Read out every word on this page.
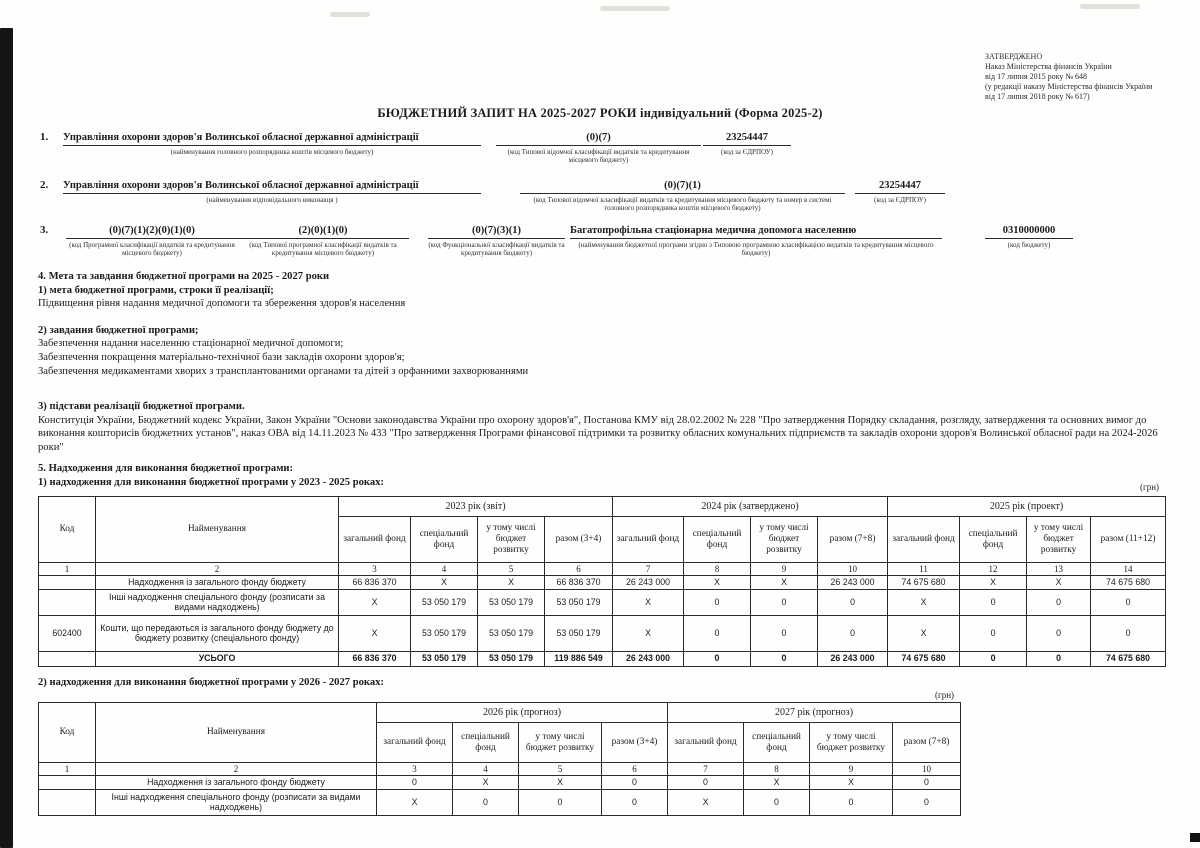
ЗАТВЕРДЖЕНО
Наказ Міністерства фінансів України
від 17 липня 2015 року № 648
(у редакції наказу Міністерства фінансів України
від 17 липня 2018 року № 617)
БЮДЖЕТНИЙ ЗАПИТ НА 2025-2027 РОКИ індивідуальний (Форма 2025-2)
1. Управління охорони здоров'я Волинської обласної державної адміністрації
(найменування головного розпорядника коштів місцевого бюджету)
(0)(7)
(код Типової відомчої класифікації видатків та кредитування місцевого бюджету)
23254447
(код за ЄДРПОУ)
2. Управління охорони здоров'я Волинської обласної державної адміністрації
(найменування відповідального виконавця )
(0)(7)(1)
(код Типової відомчої класифікації видатків та кредитування місцевого бюджету та номер в системі головного розпорядника коштів місцевого бюджету)
23254447
(код за ЄДРПОУ)
3.	(0)(7)(1)(2)(0)(1)(0)
(код Програмної класифікації видатків та кредитування місцевого бюджету)
(2)(0)(1)(0)
(код Типової програмної класифікації видатків та кредитування місцевого бюджету)
(0)(7)(3)(1)
(код Функціональної класифікації видатків та кредитування бюджету)
Багатопрофільна стаціонарна медична допомога населенню
(найменування бюджетної програми згідно з Типовою програмною класифікацією видатків та кредитування місцевого бюджету)
0310000000
(код бюджету)
4. Мета та завдання бюджетної програми на 2025 - 2027 роки
1) мета бюджетної програми, строки її реалізації;
Підвищення рівня надання медичної допомоги та збереження здоров'я населення
2) завдання бюджетної програми;
Забезпечення надання населенню стаціонарної медичної допомоги;
Забезпечення покращення матеріально-технічної бази закладів охорони здоров'я;
Забезпечення медикаментами хворих з трансплантованими органами та дітей з орфанними захворюваннями
3) підстави реалізації бюджетної програми.
Конституція України, Бюджетний кодекс України, Закон України "Основи законодавства України про охорону здоров'я", Постанова КМУ від 28.02.2002 № 228 "Про затвердження Порядку складання, розгляду, затвердження та основних вимог до виконання кошторисів бюджетних установ", наказ ОВА від 14.11.2023 № 433 "Про затвердження Програми фінансової підтримки та розвитку обласних комунальних підприємств та закладів охорони здоров'я Волинської обласної ради на 2024-2026 роки"
5. Надходження для виконання бюджетної програми:
1) надходження для виконання бюджетної програми у 2023 - 2025 роках:	(грн)
Код	Найменування	2023 рік (звіт)				2024 рік (затверджено)				2025 рік (проект)			
		загальний фонд	спеціальний фонд	у тому числі бюджет розвитку	разом (3+4)	загальний фонд	спеціальний фонд	у тому числі бюджет розвитку	разом (7+8)	загальний фонд	спеціальний фонд	у тому числі бюджет розвитку	разом (11+12)
1	2	3	4	5	6	7	8	9	10	11	12	13	14
	Надходження із загального фонду бюджету	66 836 370	X	X	66 836 370	26 243 000	X	X	26 243 000	74 675 680	X	X	74 675 680
	Інші надходження спеціального фонду (розписати за видами надходжень)	X	53 050 179	53 050 179	53 050 179	X	0	0	0	X	0	0	0
602400	Кошти, що передаються із загального фонду бюджету до бюджету розвитку (спеціального фонду)	X	53 050 179	53 050 179	53 050 179	X	0	0	0	X	0	0	0
	УСЬОГО	66 836 370	53 050 179	53 050 179	119 886 549	26 243 000	0	0	26 243 000	74 675 680	0	0	74 675 680
2) надходження для виконання бюджетної програми у 2026 - 2027 роках:
(грн)
Код	Найменування	2026 рік (прогноз)				2027 рік (прогноз)			
		загальний фонд	спеціальний фонд	у тому числі бюджет розвитку	разом (3+4)	загальний фонд	спеціальний фонд	у тому числі бюджет розвитку	разом (7+8)
1	2	3	4	5	6	7	8	9	10
	Надходження із загального фонду бюджету	0	X	X	0	0	X	X	0
	Інші надходження спеціального фонду (розписати за видами надходжень)	X	0	0	0	X	0	0	0
